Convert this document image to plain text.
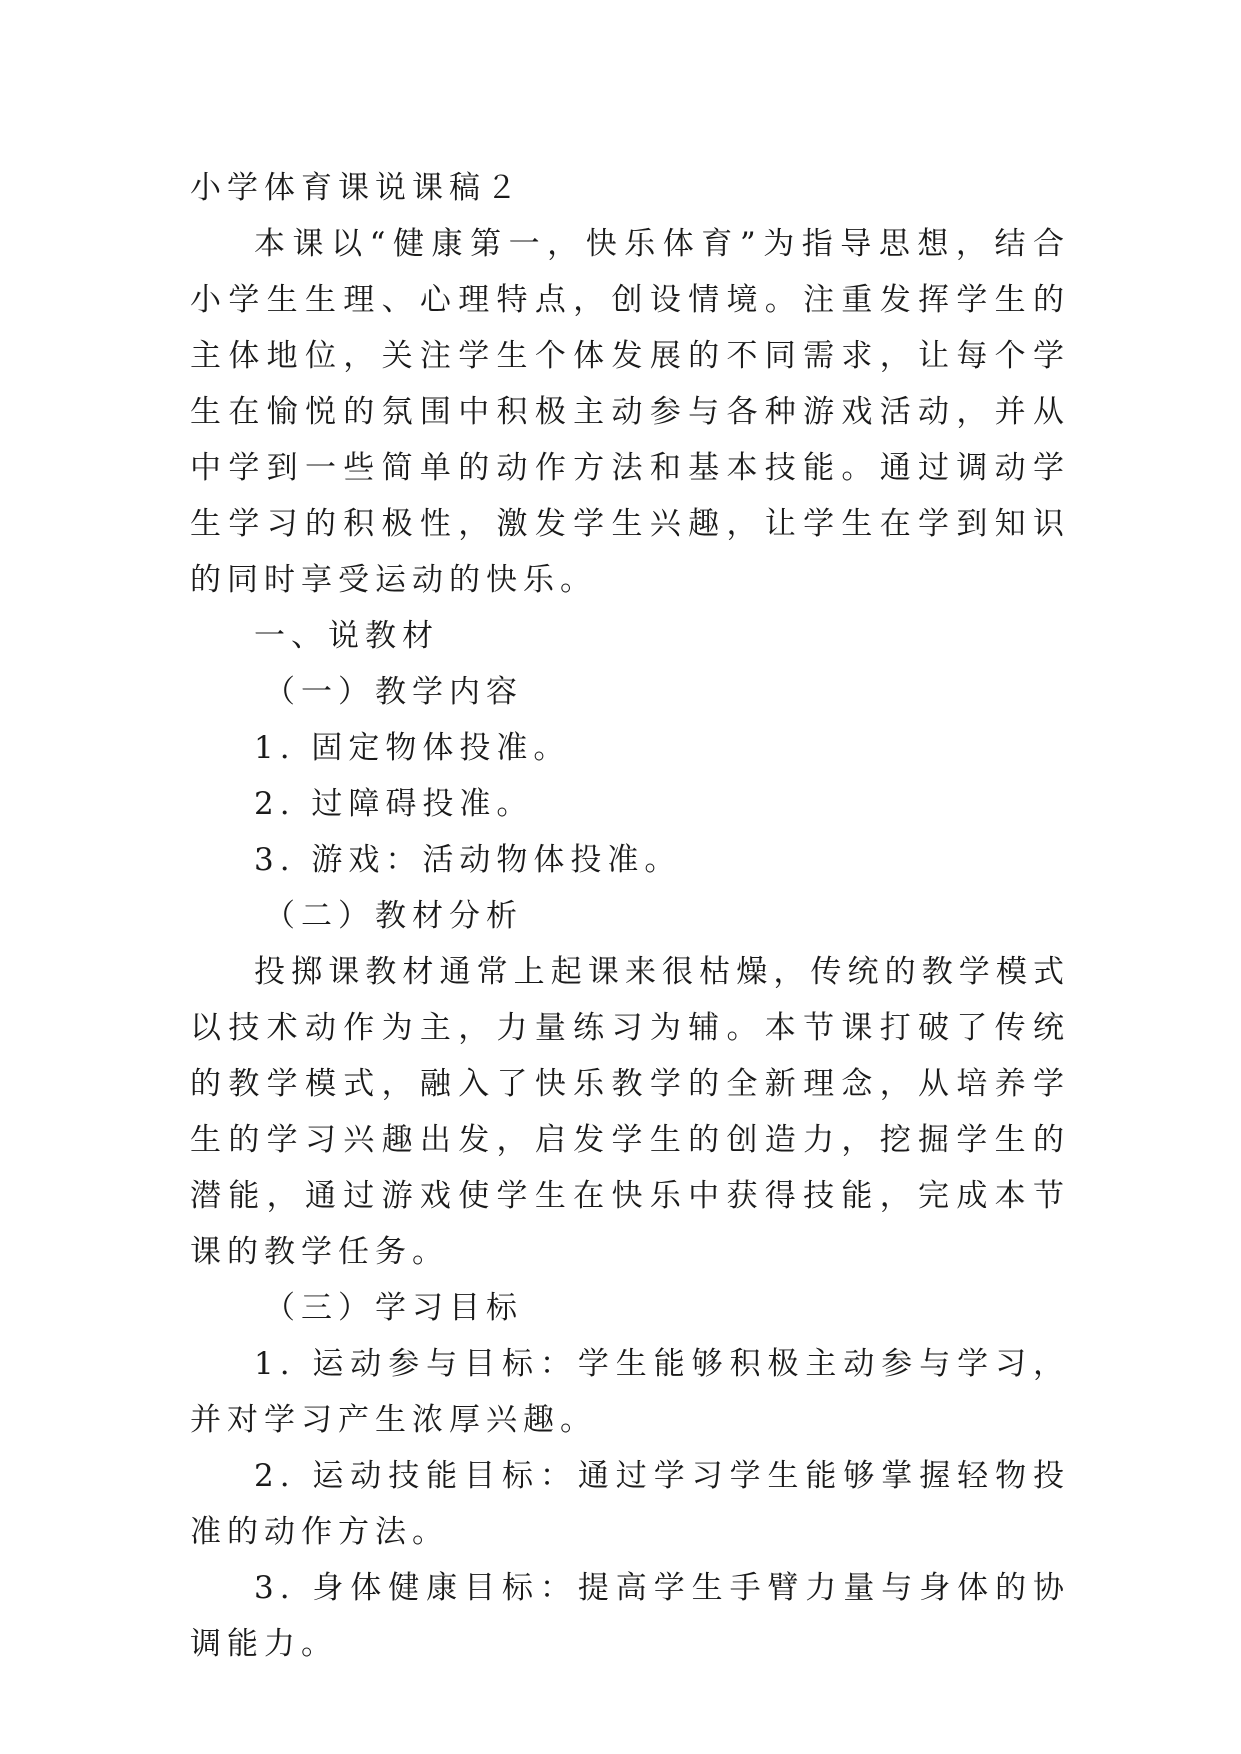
小学体育课说课稿２
本课以“健康第一，快乐体育”为指导思想，结合小学生生理、心理特点，创设情境。注重发挥学生的主体地位，关注学生个体发展的不同需求，让每个学生在愉悦的氛围中积极主动参与各种游戏活动，并从中学到一些简单的动作方法和基本技能。通过调动学生学习的积极性，激发学生兴趣，让学生在学到知识的同时享受运动的快乐。
一、说教材
（一）教学内容
1. 固定物体投准。
2. 过障碍投准。
3. 游戏：活动物体投准。
（二）教材分析
投掷课教材通常上起课来很枯燥，传统的教学模式以技术动作为主，力量练习为辅。本节课打破了传统的教学模式，融入了快乐教学的全新理念，从培养学生的学习兴趣出发，启发学生的创造力，挖掘学生的潜能，通过游戏使学生在快乐中获得技能，完成本节课的教学任务。
（三）学习目标
1. 运动参与目标：学生能够积极主动参与学习，并对学习产生浓厚兴趣。
2. 运动技能目标：通过学习学生能够掌握轻物投准的动作方法。
3. 身体健康目标：提高学生手臂力量与身体的协调能力。
